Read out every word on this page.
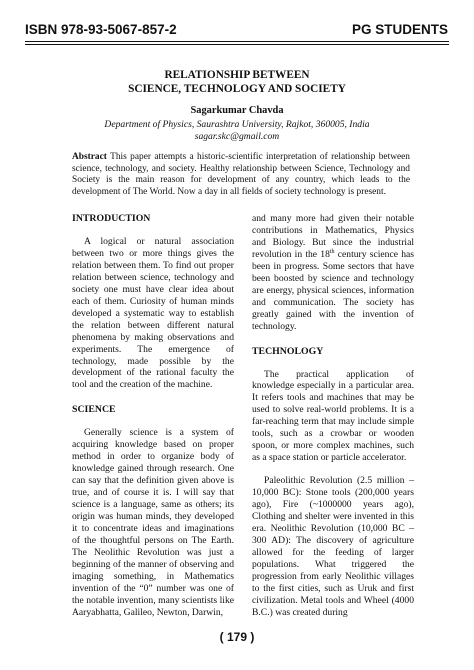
ISBN 978-93-5067-857-2	PG STUDENTS
RELATIONSHIP BETWEEN
SCIENCE, TECHNOLOGY AND SOCIETY
Sagarkumar Chavda
Department of Physics, Saurashtra University, Rajkot, 360005, India
sagar.skc@gmail.com
Abstract This paper attempts a historic-scientific interpretation of relationship between science, technology, and society. Healthy relationship between Science, Technology and Society is the main reason for development of any country, which leads to the development of The World. Now a day in all fields of society technology is present.

INTRODUCTION

A logical or natural association between two or more things gives the relation between them. To find out proper relation between science, technology and society one must have clear idea about each of them. Curiosity of human minds developed a systematic way to establish the relation between different natural phenomena by making observations and experiments. The emergence of technology, made possible by the development of the rational faculty the tool and the creation of the machine.

SCIENCE

Generally science is a system of acquiring knowledge based on proper method in order to organize body of knowledge gained through research. One can say that the definition given above is true, and of course it is. I will say that science is a language, same as others; its origin was human minds, they developed it to concentrate ideas and imaginations of the thoughtful persons on The Earth. The Neolithic Revolution was just a beginning of the manner of observing and imaging something, in Mathematics invention of the “0” number was one of the notable invention, many scientists like Aaryabhatta, Galileo, Newton, Darwin,

and many more had given their notable contributions in Mathematics, Physics and Biology. But since the industrial revolution in the 18th century science has been in progress. Some sectors that have been boosted by science and technology are energy, physical sciences, information and communication. The society has greatly gained with the invention of technology.

TECHNOLOGY

The practical application of knowledge especially in a particular area. It refers tools and machines that may be used to solve real-world problems. It is a far-reaching term that may include simple tools, such as a crowbar or wooden spoon, or more complex machines, such as a space station or particle accelerator.

Paleolithic Revolution (2.5 million – 10,000 BC): Stone tools (200,000 years ago), Fire (~1000000 years ago), Clothing and shelter were invented in this era. Neolithic Revolution (10,000 BC – 300 AD): The discovery of agriculture allowed for the feeding of larger populations. What triggered the progression from early Neolithic villages to the first cities, such as Uruk and first civilization. Metal tools and Wheel (4000 B.C.) was created during

( 179 )
